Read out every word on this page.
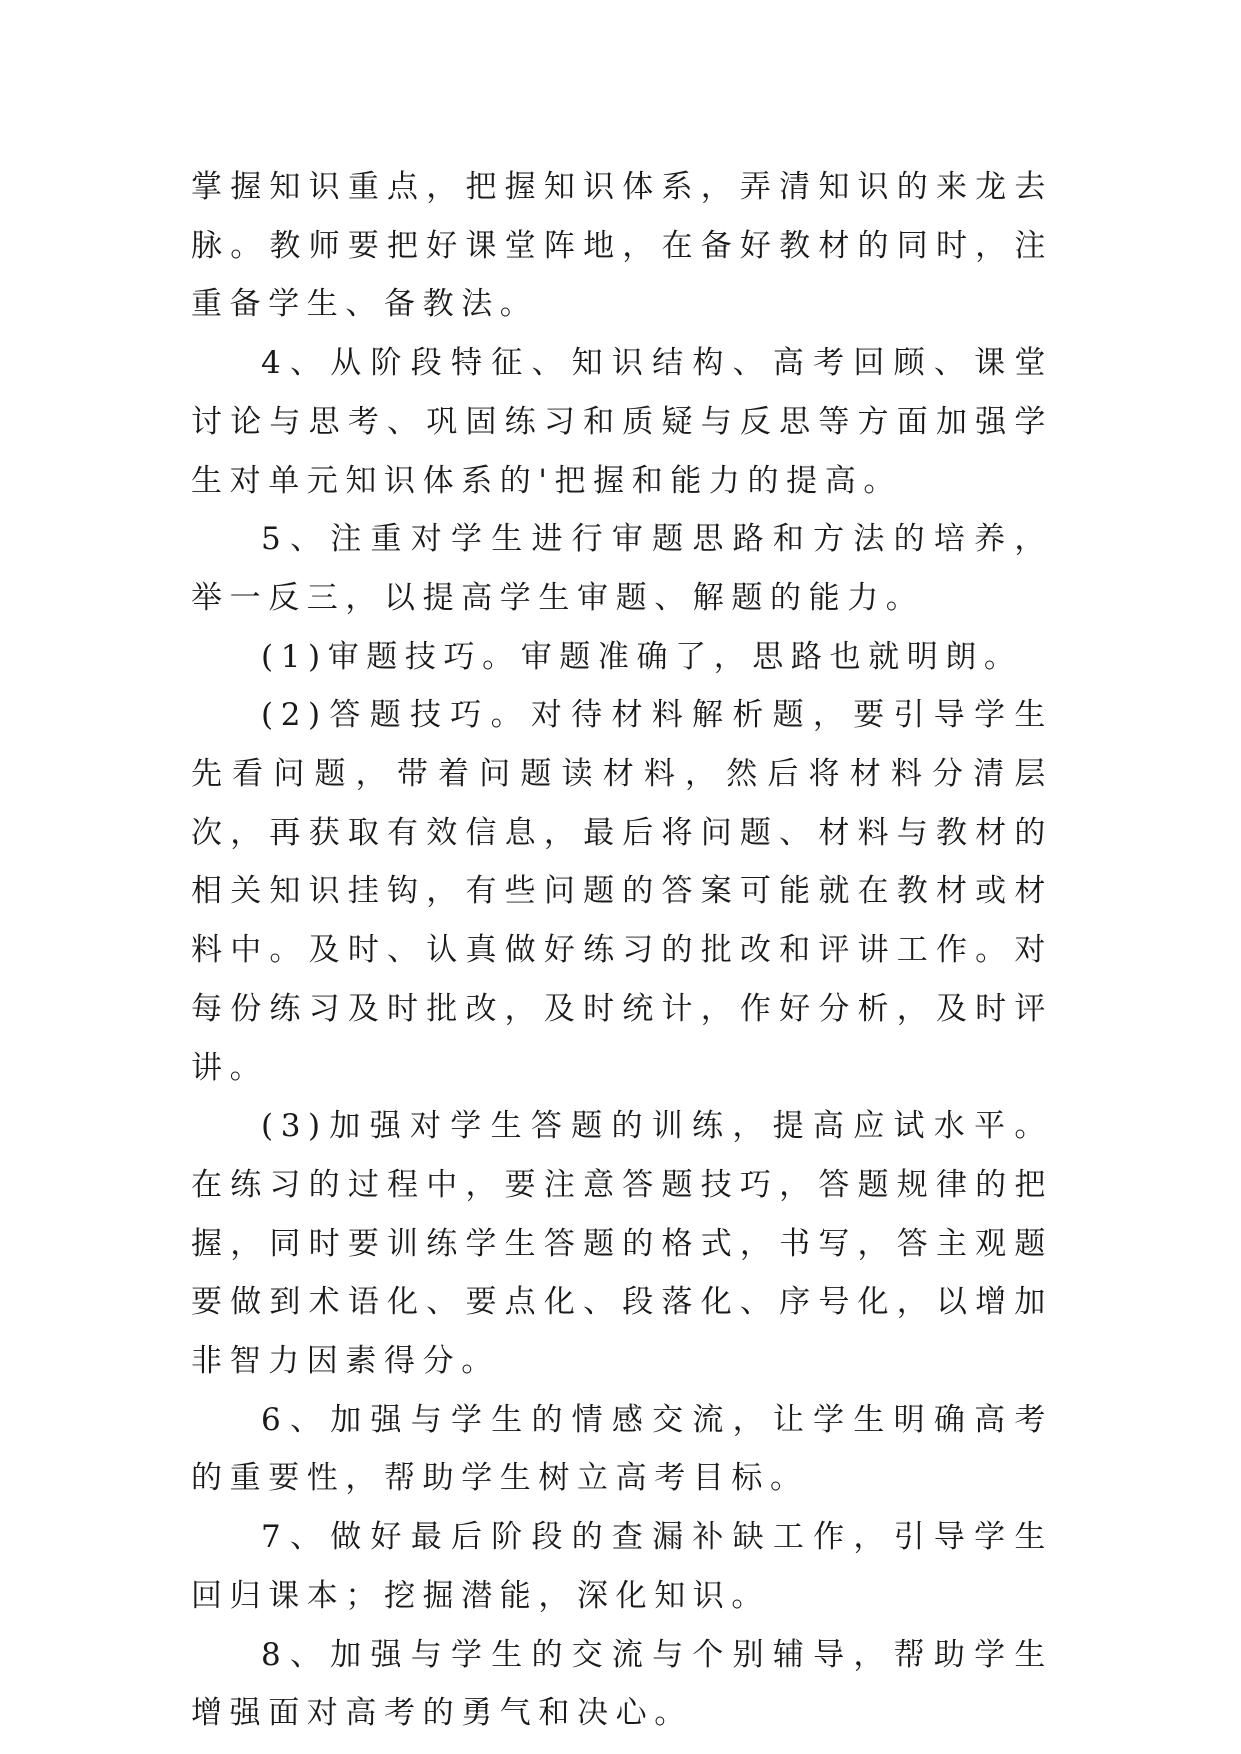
掌握知识重点，把握知识体系，弄清知识的来龙去脉。教师要把好课堂阵地，在备好教材的同时，注重备学生、备教法。

4、从阶段特征、知识结构、高考回顾、课堂讨论与思考、巩固练习和质疑与反思等方面加强学生对单元知识体系的'把握和能力的提高。

5、注重对学生进行审题思路和方法的培养，举一反三，以提高学生审题、解题的能力。

(1)审题技巧。审题准确了，思路也就明朗。

(2)答题技巧。对待材料解析题，要引导学生先看问题，带着问题读材料，然后将材料分清层次，再获取有效信息，最后将问题、材料与教材的相关知识挂钩，有些问题的答案可能就在教材或材料中。及时、认真做好练习的批改和评讲工作。对每份练习及时批改，及时统计，作好分析，及时评讲。

(3)加强对学生答题的训练，提高应试水平。在练习的过程中，要注意答题技巧，答题规律的把握，同时要训练学生答题的格式，书写，答主观题要做到术语化、要点化、段落化、序号化，以增加非智力因素得分。

6、加强与学生的情感交流，让学生明确高考的重要性，帮助学生树立高考目标。

7、做好最后阶段的查漏补缺工作，引导学生回归课本；挖掘潜能，深化知识。

8、加强与学生的交流与个别辅导，帮助学生增强面对高考的勇气和决心。
